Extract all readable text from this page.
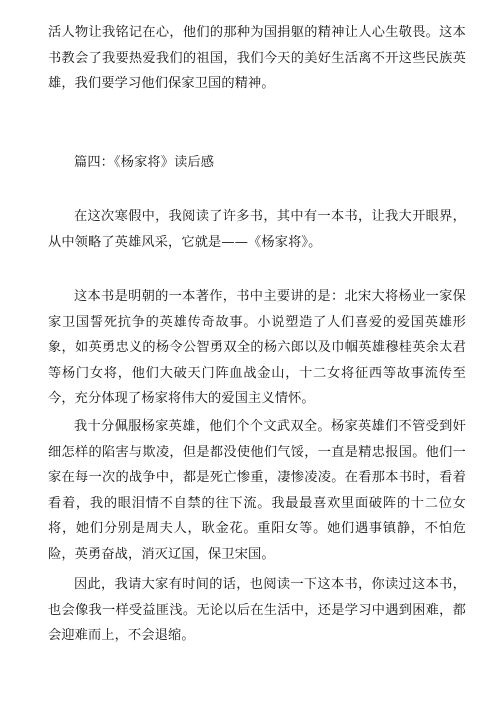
活人物让我铭记在心，他们的那种为国捐躯的精神让人心生敬畏。这本书教会了我要热爱我们的祖国，我们今天的美好生活离不开这些民族英雄，我们要学习他们保家卫国的精神。

篇四：《杨家将》读后感

在这次寒假中，我阅读了许多书，其中有一本书，让我大开眼界，从中领略了英雄风采，它就是——《杨家将》。

这本书是明朝的一本著作，书中主要讲的是：北宋大将杨业一家保家卫国誓死抗争的英雄传奇故事。小说塑造了人们喜爱的爱国英雄形象，如英勇忠义的杨令公智勇双全的杨六郎以及巾帼英雄穆桂英余太君等杨门女将，他们大破天门阵血战金山，十二女将征西等故事流传至今，充分体现了杨家将伟大的爱国主义情怀。

我十分佩服杨家英雄，他们个个文武双全。杨家英雄们不管受到奸细怎样的陷害与欺凌，但是都没使他们气馁，一直是精忠报国。他们一家在每一次的战争中，都是死亡惨重，凄惨凌凌。在看那本书时，看着看着，我的眼泪情不自禁的往下流。我最最喜欢里面破阵的十二位女将，她们分别是周夫人，耿金花。重阳女等。她们遇事镇静，不怕危险，英勇奋战，消灭辽国，保卫宋国。

因此，我请大家有时间的话，也阅读一下这本书，你读过这本书，也会像我一样受益匪浅。无论以后在生活中，还是学习中遇到困难，都会迎难而上，不会退缩。
